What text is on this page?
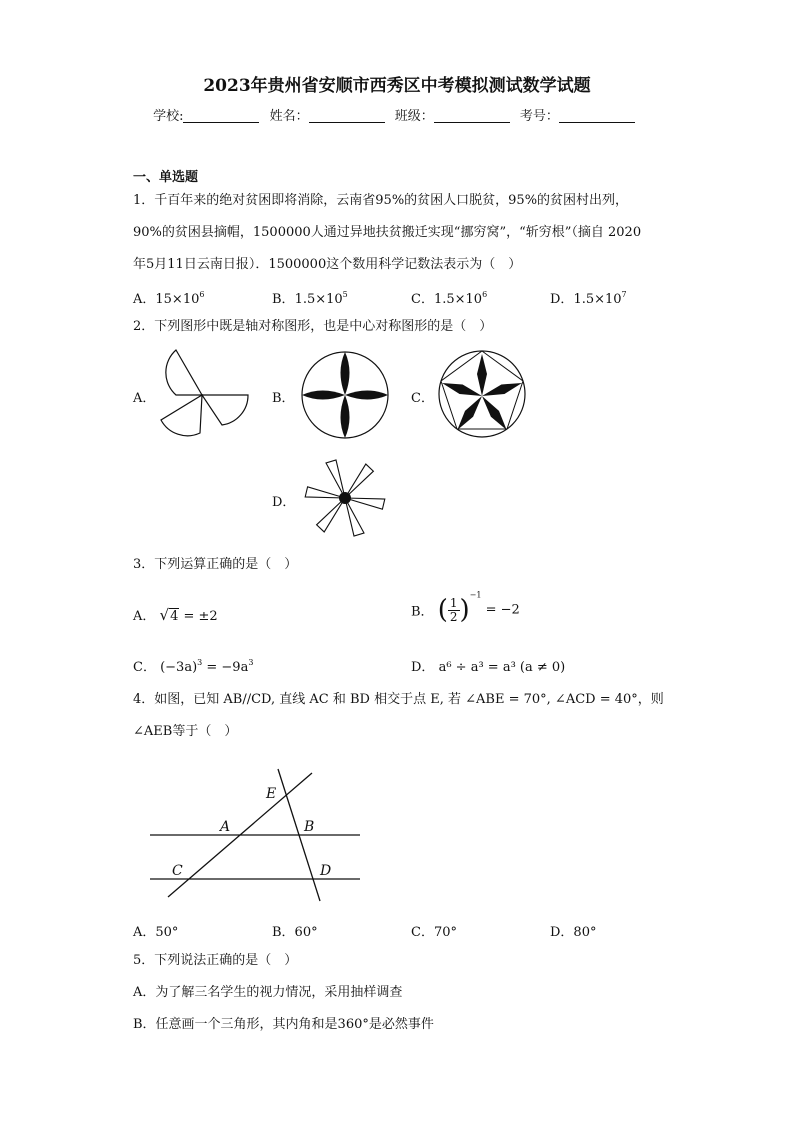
2023年贵州省安顺市西秀区中考模拟测试数学试题
学校:	姓名：	班级：	考号：
一、单选题
1．千百年来的绝对贫困即将消除，云南省95%的贫困人口脱贫，95%的贫困村出列，
90%的贫困县摘帽，1500000人通过异地扶贫搬迁实现“挪穷窝”，“斩穷根”（摘自 2020
年5月11日云南日报）．1500000这个数用科学记数法表示为（　）
A．$15\times 10^6$	B．$1.5\times 10^5$	C．$1.5\times 10^6$	D．$1.5\times 10^7$
2．下列图形中既是轴对称图形，也是中心对称图形的是（　）
A．	B．	C．
D．
3．下列运算正确的是（　）
A． √4 = ±2	B． ( $\frac{1}{2} )^{-1} = -2$
C． $(-3a)^3 = -9a^3$	D． a⁶ ÷ a³ = a³ (a ≠ 0)
4．如图，已知 AB//CD, 直线 AC 和 BD 相交于点 E, 若 ∠ABE = 70°, ∠ACD = 40°，则
∠AEB等于（　）
E
A	B
C	D
A．50°	B．60°	C．70°	D．80°
5．下列说法正确的是（　）
A．为了解三名学生的视力情况，采用抽样调查
B．任意画一个三角形，其内角和是360°是必然事件
